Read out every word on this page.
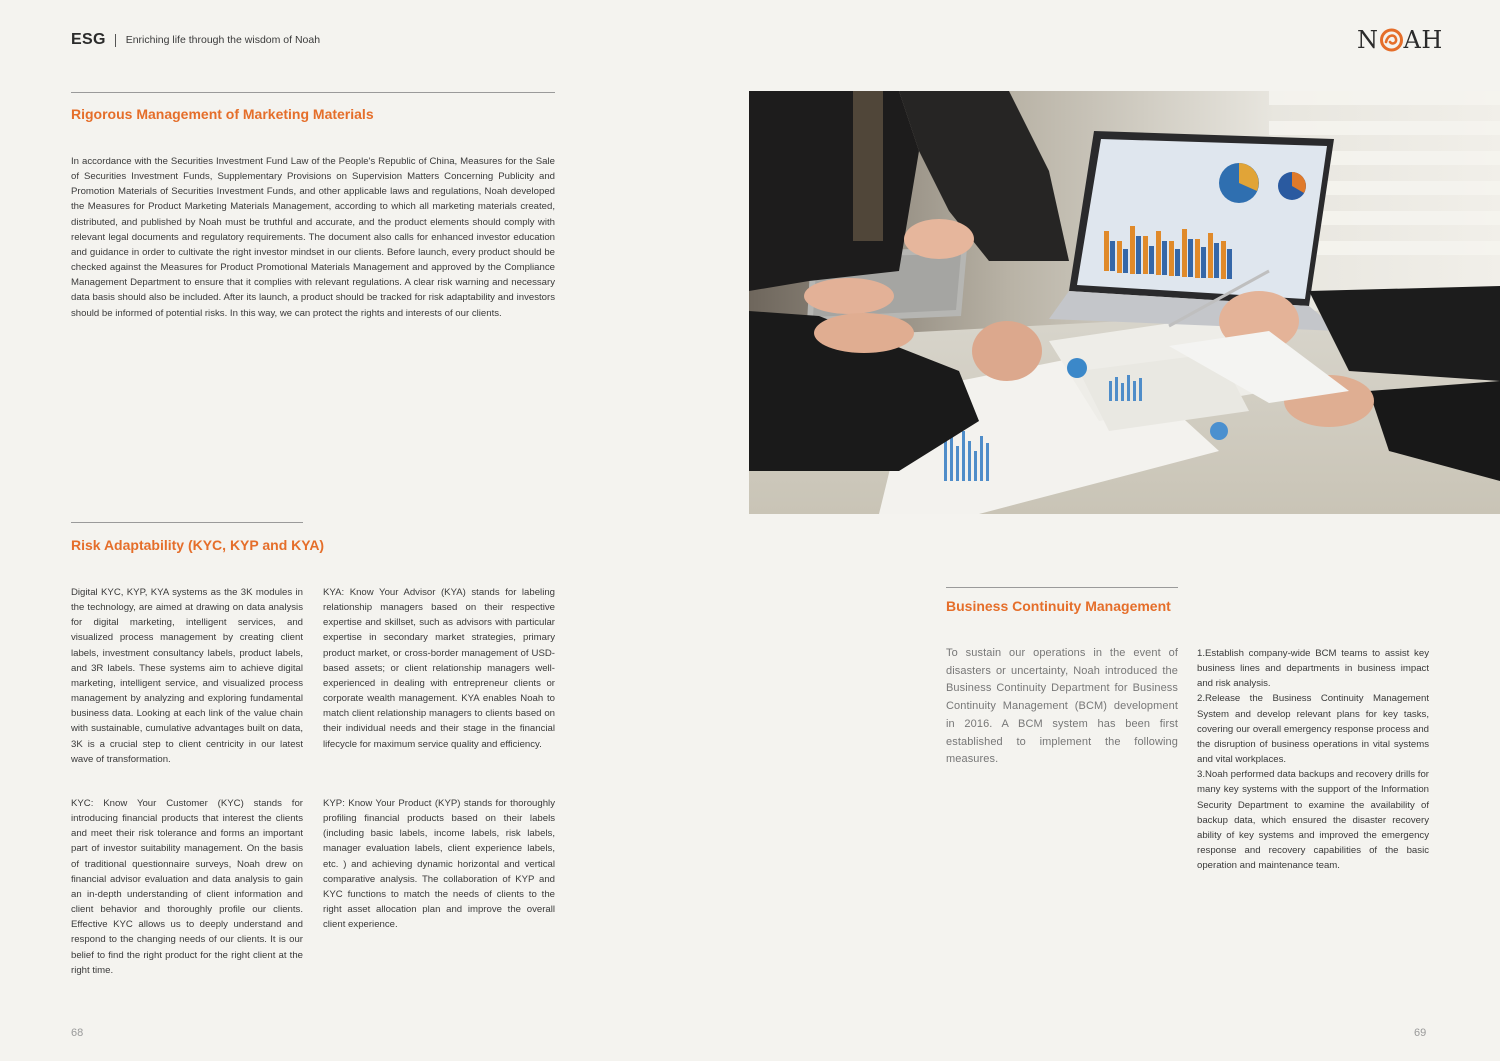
ESG Enriching life through the wisdom of Noah	N AH
Rigorous Management of Marketing Materials

In accordance with the Securities Investment Fund Law of the People's Republic of China, Measures for the Sale of Securities Investment Funds, Supplementary Provisions on Supervision Matters Concerning Publicity and Promotion Materials of Securities Investment Funds, and other applicable laws and regulations, Noah developed the Measures for Product Marketing Materials Management, according to which all marketing materials created, distributed, and published by Noah must be truthful and accurate, and the product elements should comply with relevant legal documents and regulatory requirements. The document also calls for enhanced investor education and guidance in order to cultivate the right investor mindset in our clients. Before launch, every product should be checked against the Measures for Product Promotional Materials Management and approved by the Compliance Management Department to ensure that it complies with relevant regulations. A clear risk warning and necessary data basis should also be included. After its launch, a product should be tracked for risk adaptability and investors should be informed of potential risks. In this way, we can protect the rights and interests of our clients.

Risk Adaptability (KYC, KYP and KYA)

Digital KYC, KYP, KYA systems as the 3K modules in the technology, are aimed at drawing on data analysis for digital marketing, intelligent services, and visualized process management by creating client labels, investment consultancy labels, product labels, and 3R labels. These systems aim to achieve digital marketing, intelligent service, and visualized process management by analyzing and exploring fundamental business data. Looking at each link of the value chain with sustainable, cumulative advantages built on data, 3K is a crucial step to client centricity in our latest wave of transformation.

KYC: Know Your Customer (KYC) stands for introducing financial products that interest the clients and meet their risk tolerance and forms an important part of investor suitability management. On the basis of traditional questionnaire surveys, Noah drew on financial advisor evaluation and data analysis to gain an in-depth understanding of client information and client behavior and thoroughly profile our clients. Effective KYC allows us to deeply understand and respond to the changing needs of our clients. It is our belief to find the right product for the right client at the right time.

KYA: Know Your Advisor (KYA) stands for labeling relationship managers based on their respective expertise and skillset, such as advisors with particular expertise in secondary market strategies, primary product market, or cross-border management of USD-based assets; or client relationship managers well-experienced in dealing with entrepreneur clients or corporate wealth management. KYA enables Noah to match client relationship managers to clients based on their individual needs and their stage in the financial lifecycle for maximum service quality and efficiency.

KYP: Know Your Product (KYP) stands for thoroughly profiling financial products based on their labels (including basic labels, income labels, risk labels, manager evaluation labels, client experience labels, etc. ) and achieving dynamic horizontal and vertical comparative analysis. The collaboration of KYP and KYC functions to match the needs of clients to the right asset allocation plan and improve the overall client experience.

Business Continuity Management

To sustain our operations in the event of disasters or uncertainty, Noah introduced the Business Continuity Department for Business Continuity Management (BCM) development in 2016. A BCM system has been first established to implement the following measures.

1.Establish company-wide BCM teams to assist key business lines and departments in business impact and risk analysis.

2.Release the Business Continuity Management System and develop relevant plans for key tasks, covering our overall emergency response process and the disruption of business operations in vital systems and vital workplaces.

3.Noah performed data backups and recovery drills for many key systems with the support of the Information Security Department to examine the availability of backup data, which ensured the disaster recovery ability of key systems and improved the emergency response and recovery capabilities of the basic operation and maintenance team.

68	69
